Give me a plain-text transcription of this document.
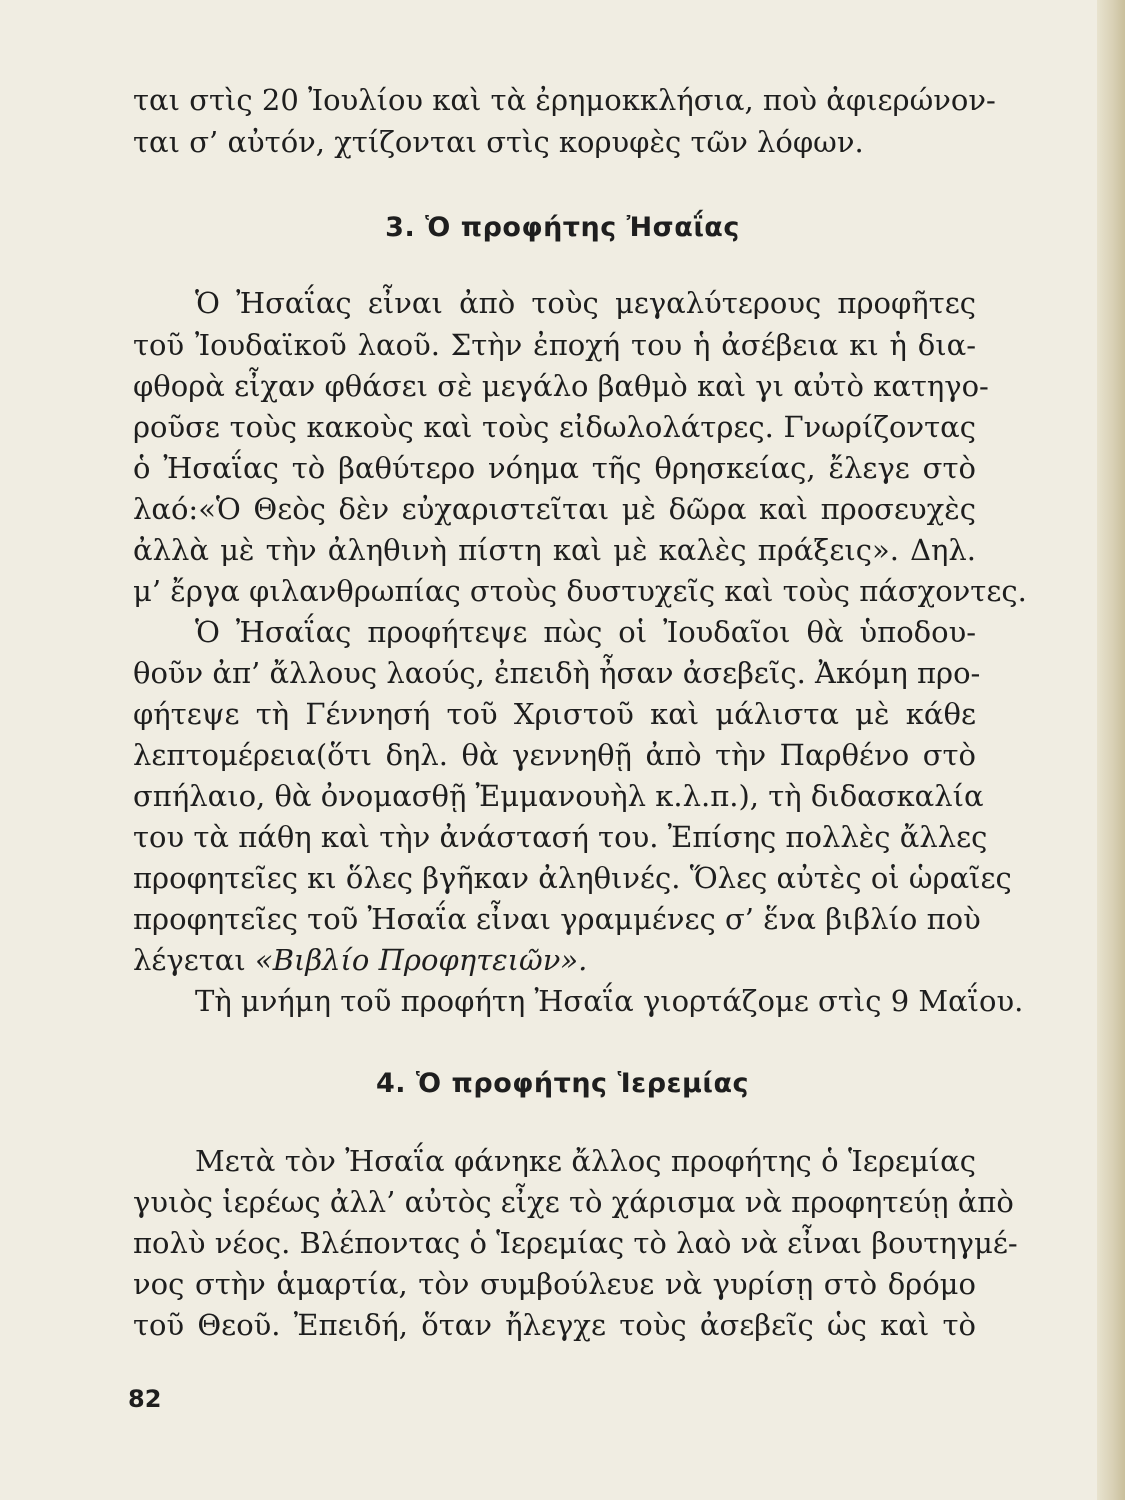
ται στὶς 20 Ἰουλίου καὶ τὰ ἐρημοκκλήσια, ποὺ ἀφιερώνον-
ται σ’ αὐτόν, χτίζονται στὶς κορυφὲς τῶν λόφων.
3. Ὁ προφήτης Ἠσαΐας
Ὁ Ἠσαΐας εἶναι ἀπὸ τοὺς μεγαλύτερους προφῆτες
τοῦ Ἰουδαϊκοῦ λαοῦ. Στὴν ἐποχή του ἡ ἀσέβεια κι ἡ δια-
φθορὰ εἶχαν φθάσει σὲ μεγάλο βαθμὸ καὶ γι αὐτὸ κατηγο-
ροῦσε τοὺς κακοὺς καὶ τοὺς εἰδωλολάτρες. Γνωρίζοντας
ὁ Ἠσαΐας τὸ βαθύτερο νόημα τῆς θρησκείας, ἔλεγε στὸ
λαό:«Ὁ Θεὸς δὲν εὐχαριστεῖται μὲ δῶρα καὶ προσευχὲς
ἀλλὰ μὲ τὴν ἀληθινὴ πίστη καὶ μὲ καλὲς πράξεις». Δηλ.
μ’ ἔργα φιλανθρωπίας στοὺς δυστυχεῖς καὶ τοὺς πάσχοντες.
Ὁ Ἠσαΐας προφήτεψε πὼς οἱ Ἰουδαῖοι θὰ ὑποδου-
θοῦν ἀπ’ ἄλλους λαούς, ἐπειδὴ ἦσαν ἀσεβεῖς. Ἀκόμη προ-
φήτεψε τὴ Γέννησή τοῦ Χριστοῦ καὶ μάλιστα μὲ κάθε
λεπτομέρεια(ὅτι δηλ. θὰ γεννηθῇ ἀπὸ τὴν Παρθένο στὸ
σπήλαιο, θὰ ὀνομασθῇ Ἐμμανουὴλ κ.λ.π.), τὴ διδασκαλία
του τὰ πάθη καὶ τὴν ἀνάστασή του. Ἐπίσης πολλὲς ἄλλες
προφητεῖες κι ὅλες βγῆκαν ἀληθινές. Ὅλες αὐτὲς οἱ ὡραῖες
προφητεῖες τοῦ Ἠσαΐα εἶναι γραμμένες σ’ ἕνα βιβλίο ποὺ
λέγεται «Βιβλίο Προφητειῶν».
Τὴ μνήμη τοῦ προφήτη Ἠσαΐα γιορτάζομε στὶς 9 Μαΐου.
4. Ὁ προφήτης Ἱερεμίας
Μετὰ τὸν Ἠσαΐα φάνηκε ἄλλος προφήτης ὁ Ἱερεμίας
γυιὸς ἱερέως ἀλλ’ αὐτὸς εἶχε τὸ χάρισμα νὰ προφητεύῃ ἀπὸ
πολὺ νέος. Βλέποντας ὁ Ἱερεμίας τὸ λαὸ νὰ εἶναι βουτηγμέ-
νος στὴν ἁμαρτία, τὸν συμβούλευε νὰ γυρίσῃ στὸ δρόμο
τοῦ Θεοῦ. Ἐπειδή, ὅταν ἤλεγχε τοὺς ἀσεβεῖς ὡς καὶ τὸ
82
